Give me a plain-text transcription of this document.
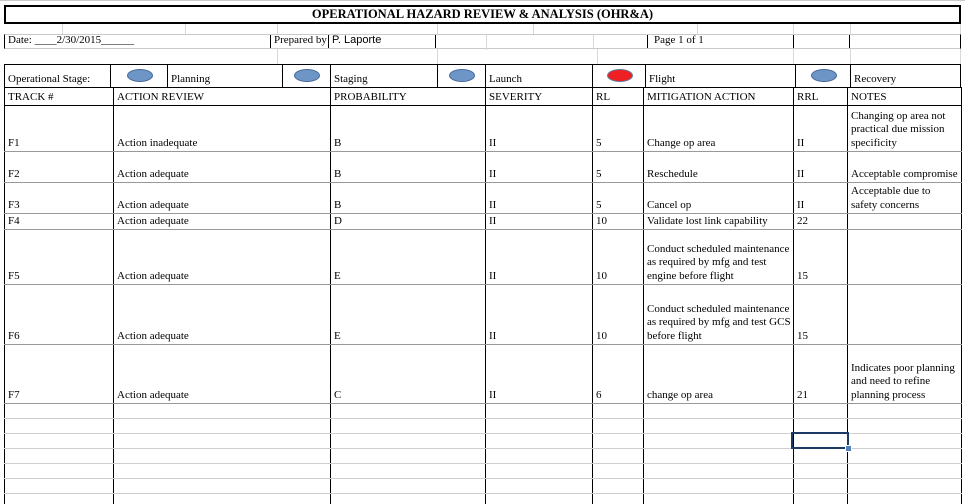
OPERATIONAL HAZARD REVIEW & ANALYSIS (OHR&A)
Date: ____2/30/2015______	Prepared by P. Laporte	Page 1 of 1
Operational Stage:	Planning	Staging	Launch	Flight	Recovery
TRACK #	ACTION REVIEW	PROBABILITY	SEVERITY	RL	MITIGATION ACTION	RRL	NOTES
F1	Action inadequate	B	II	5	Change op area	II	Changing op area not practical due mission specificity
F2	Action adequate	B	II	5	Reschedule	II	Acceptable compromise
F3	Action adequate	B	II	5	Cancel op	II	Acceptable due to safety concerns
F4	Action adequate	D	II	10	Validate lost link capability	22	
F5	Action adequate	E	II	10	Conduct scheduled maintenance as required by mfg and test engine before flight	15	
F6	Action adequate	E	II	10	Conduct scheduled maintenance as required by mfg and test GCS before flight	15	
F7	Action adequate	C	II	6	change op area	21	Indicates poor planning and need to refine planning process
